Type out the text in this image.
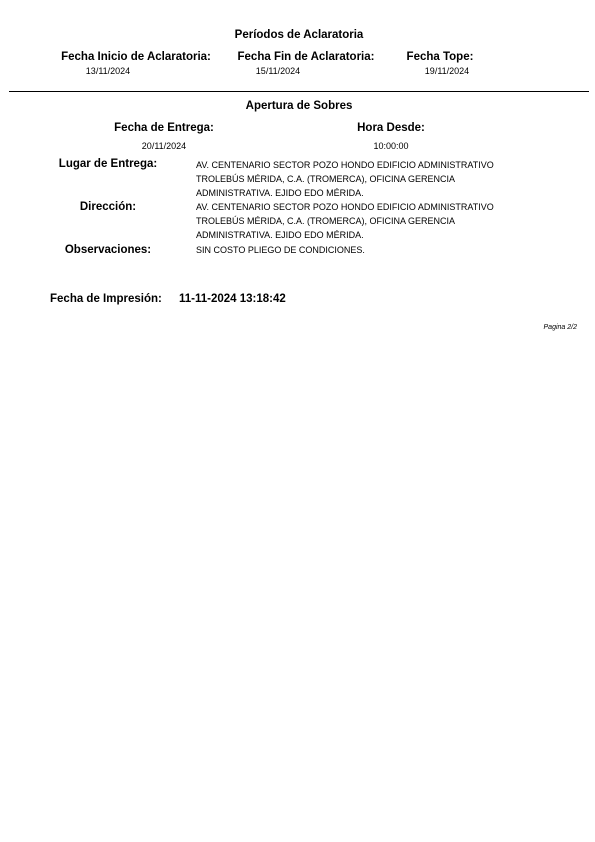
Períodos de Aclaratoria
Fecha Inicio de Aclaratoria:
13/11/2024
Fecha Fin de Aclaratoria:
15/11/2024
Fecha Tope:
19/11/2024
Apertura de Sobres
Fecha de Entrega:
20/11/2024
Hora Desde:
10:00:00
Lugar de Entrega:	AV. CENTENARIO SECTOR POZO HONDO EDIFICIO ADMINISTRATIVO
TROLEBÚS MÉRIDA, C.A. (TROMERCA), OFICINA GERENCIA
ADMINISTRATIVA. EJIDO EDO MÉRIDA.
Dirección:	AV. CENTENARIO SECTOR POZO HONDO EDIFICIO ADMINISTRATIVO
TROLEBÚS MÉRIDA, C.A. (TROMERCA), OFICINA GERENCIA
ADMINISTRATIVA. EJIDO EDO MÉRIDA.
Observaciones:	SIN COSTO PLIEGO DE CONDICIONES.
Fecha de Impresión: 11-11-2024 13:18:42
Pagina 2/2
